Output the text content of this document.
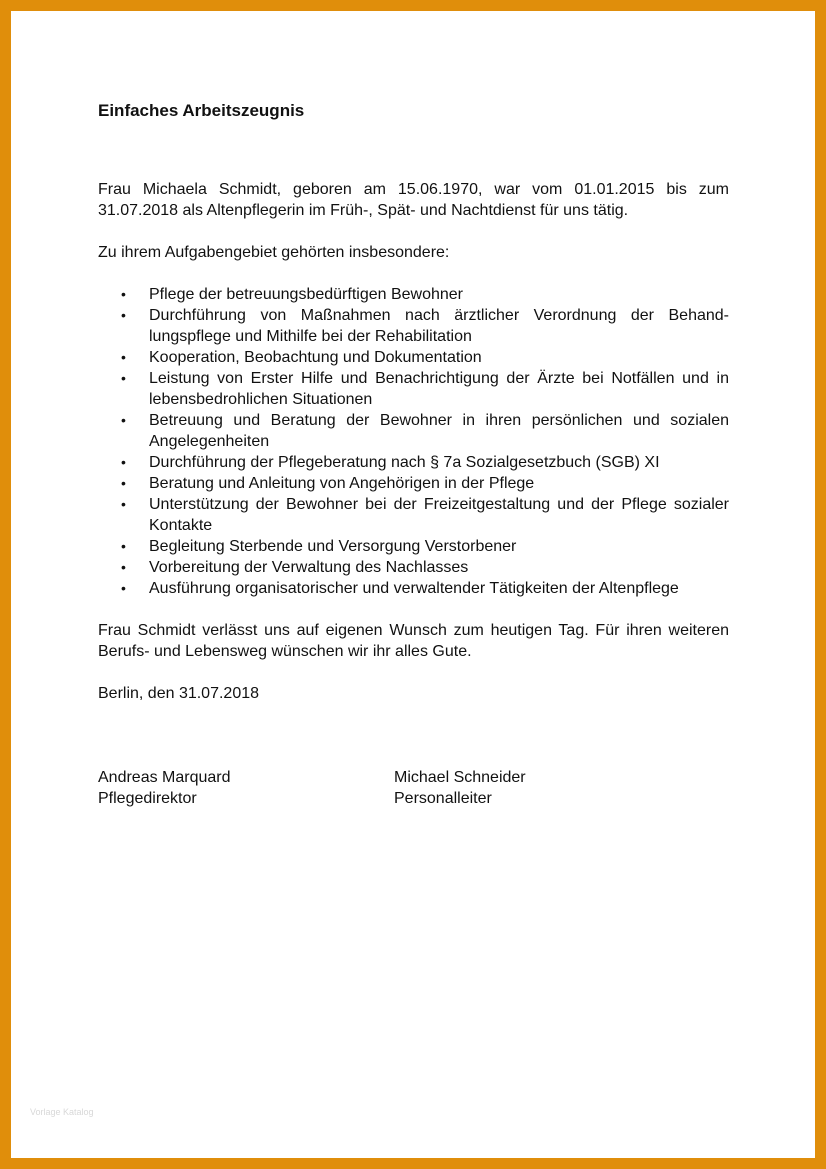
Einfaches Arbeitszeugnis

Frau Michaela Schmidt, geboren am 15.06.1970, war vom 01.01.2015 bis zum 31.07.2018 als Altenpflegerin im Früh-, Spät- und Nachtdienst für uns tätig.

Zu ihrem Aufgabengebiet gehörten insbesondere:

• Pflege der betreuungsbedürftigen Bewohner
• Durchführung von Maßnahmen nach ärztlicher Verordnung der Behandlungspflege und Mithilfe bei der Rehabilitation
• Kooperation, Beobachtung und Dokumentation
• Leistung von Erster Hilfe und Benachrichtigung der Ärzte bei Notfällen und in lebensbedrohlichen Situationen
• Betreuung und Beratung der Bewohner in ihren persönlichen und sozialen Angelegenheiten
• Durchführung der Pflegeberatung nach § 7a Sozialgesetzbuch (SGB) XI
• Beratung und Anleitung von Angehörigen in der Pflege
• Unterstützung der Bewohner bei der Freizeitgestaltung und der Pflege sozialer Kontakte
• Begleitung Sterbende und Versorgung Verstorbener
• Vorbereitung der Verwaltung des Nachlasses
• Ausführung organisatorischer und verwaltender Tätigkeiten der Altenpflege

Frau Schmidt verlässt uns auf eigenen Wunsch zum heutigen Tag. Für ihren weiteren Berufs- und Lebensweg wünschen wir ihr alles Gute.

Berlin, den 31.07.2018

Andreas Marquard
Pflegedirektor
Michael Schneider
Personalleiter
Vorlage Katalog
